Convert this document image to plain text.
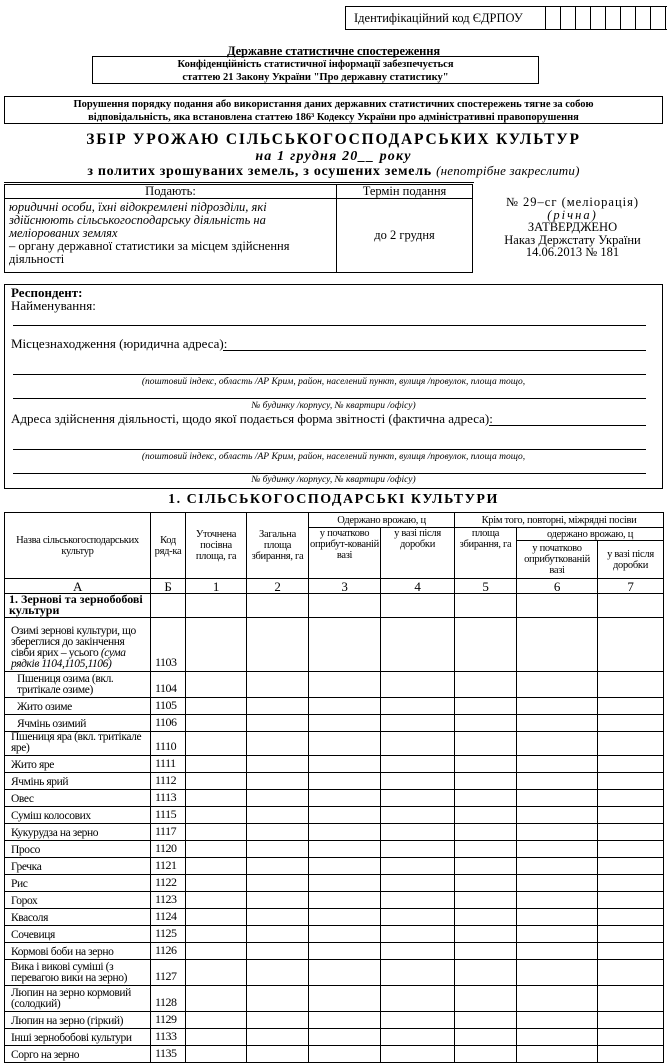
Ідентифікаційний код ЄДРПОУ
Державне статистичне спостереження
Конфіденційність статистичної інформації забезпечується
статтею 21 Закону України "Про державну статистику"
Порушення порядку подання або використання даних державних статистичних спостережень тягне за собою
відповідальність, яка встановлена статтею 186³ Кодексу України про адміністративні правопорушення
ЗБІР УРОЖАЮ СІЛЬСЬКОГОСПОДАРСЬКИХ КУЛЬТУР
на 1 грудня 20__ року
з политих зрошуваних земель, з осушених земель (непотрібне закреслити)
Подають:	Термін подання
юридичні особи, їхні відокремлені підрозділи, які здійснюють сільськогосподарську діяльність на меліорованих землях
– органу державної статистики за місцем здійснення діяльності	до 2 грудня
№ 29–сг (меліорація)
(річна)
ЗАТВЕРДЖЕНО
Наказ Держстату України
14.06.2013 № 181
Респондент:
Найменування:
Місцезнаходження (юридична адреса):
(поштовий індекс, область /АР Крим, район, населений пункт, вулиця /провулок, площа тощо,
№ будинку /корпусу, № квартири /офісу)
Адреса здійснення діяльності, щодо якої подається форма звітності (фактична адреса):
(поштовий індекс, область /АР Крим, район, населений пункт, вулиця /провулок, площа тощо,
№ будинку /корпусу, № квартири /офісу)
1. СІЛЬСЬКОГОСПОДАРСЬКІ КУЛЬТУРИ
Назва сільськогосподарських культур	Код ряд-ка	Уточнена посівна площа, га	Загальна площа збирання, га	Одержано врожаю, ц		Крім того, повторні, міжрядні посіви		
				у початково оприбут-кованій вазі	у вазі після доробки	площа збирання, га	одержано врожаю, ц	
							у початково оприбуткованій вазі	у вазі після доробки
А	Б	1	2	3	4	5	6	7
1. Зернові та зернобобові культури								
Озимі зернові культури, що збереглися до закінчення сівби ярих – усього (сума рядків 1104,1105,1106)	1103							
Пшениця озима (вкл. тритікале озиме)	1104							
Жито озиме	1105							
Ячмінь озимий	1106							
Пшениця яра (вкл. тритікале яре)	1110							
Жито яре	1111							
Ячмінь ярий	1112							
Овес	1113							
Суміш колосових	1115							
Кукурудза на зерно	1117							
Просо	1120							
Гречка	1121							
Рис	1122							
Горох	1123							
Квасоля	1124							
Сочевиця	1125							
Кормові боби на зерно	1126							
Вика і викові суміші (з перевагою вики на зерно)	1127							
Люпин на зерно кормовий (солодкий)	1128							
Люпин на зерно (гіркий)	1129							
Інші зернобобові культури	1133							
Сорго на зерно	1135							
